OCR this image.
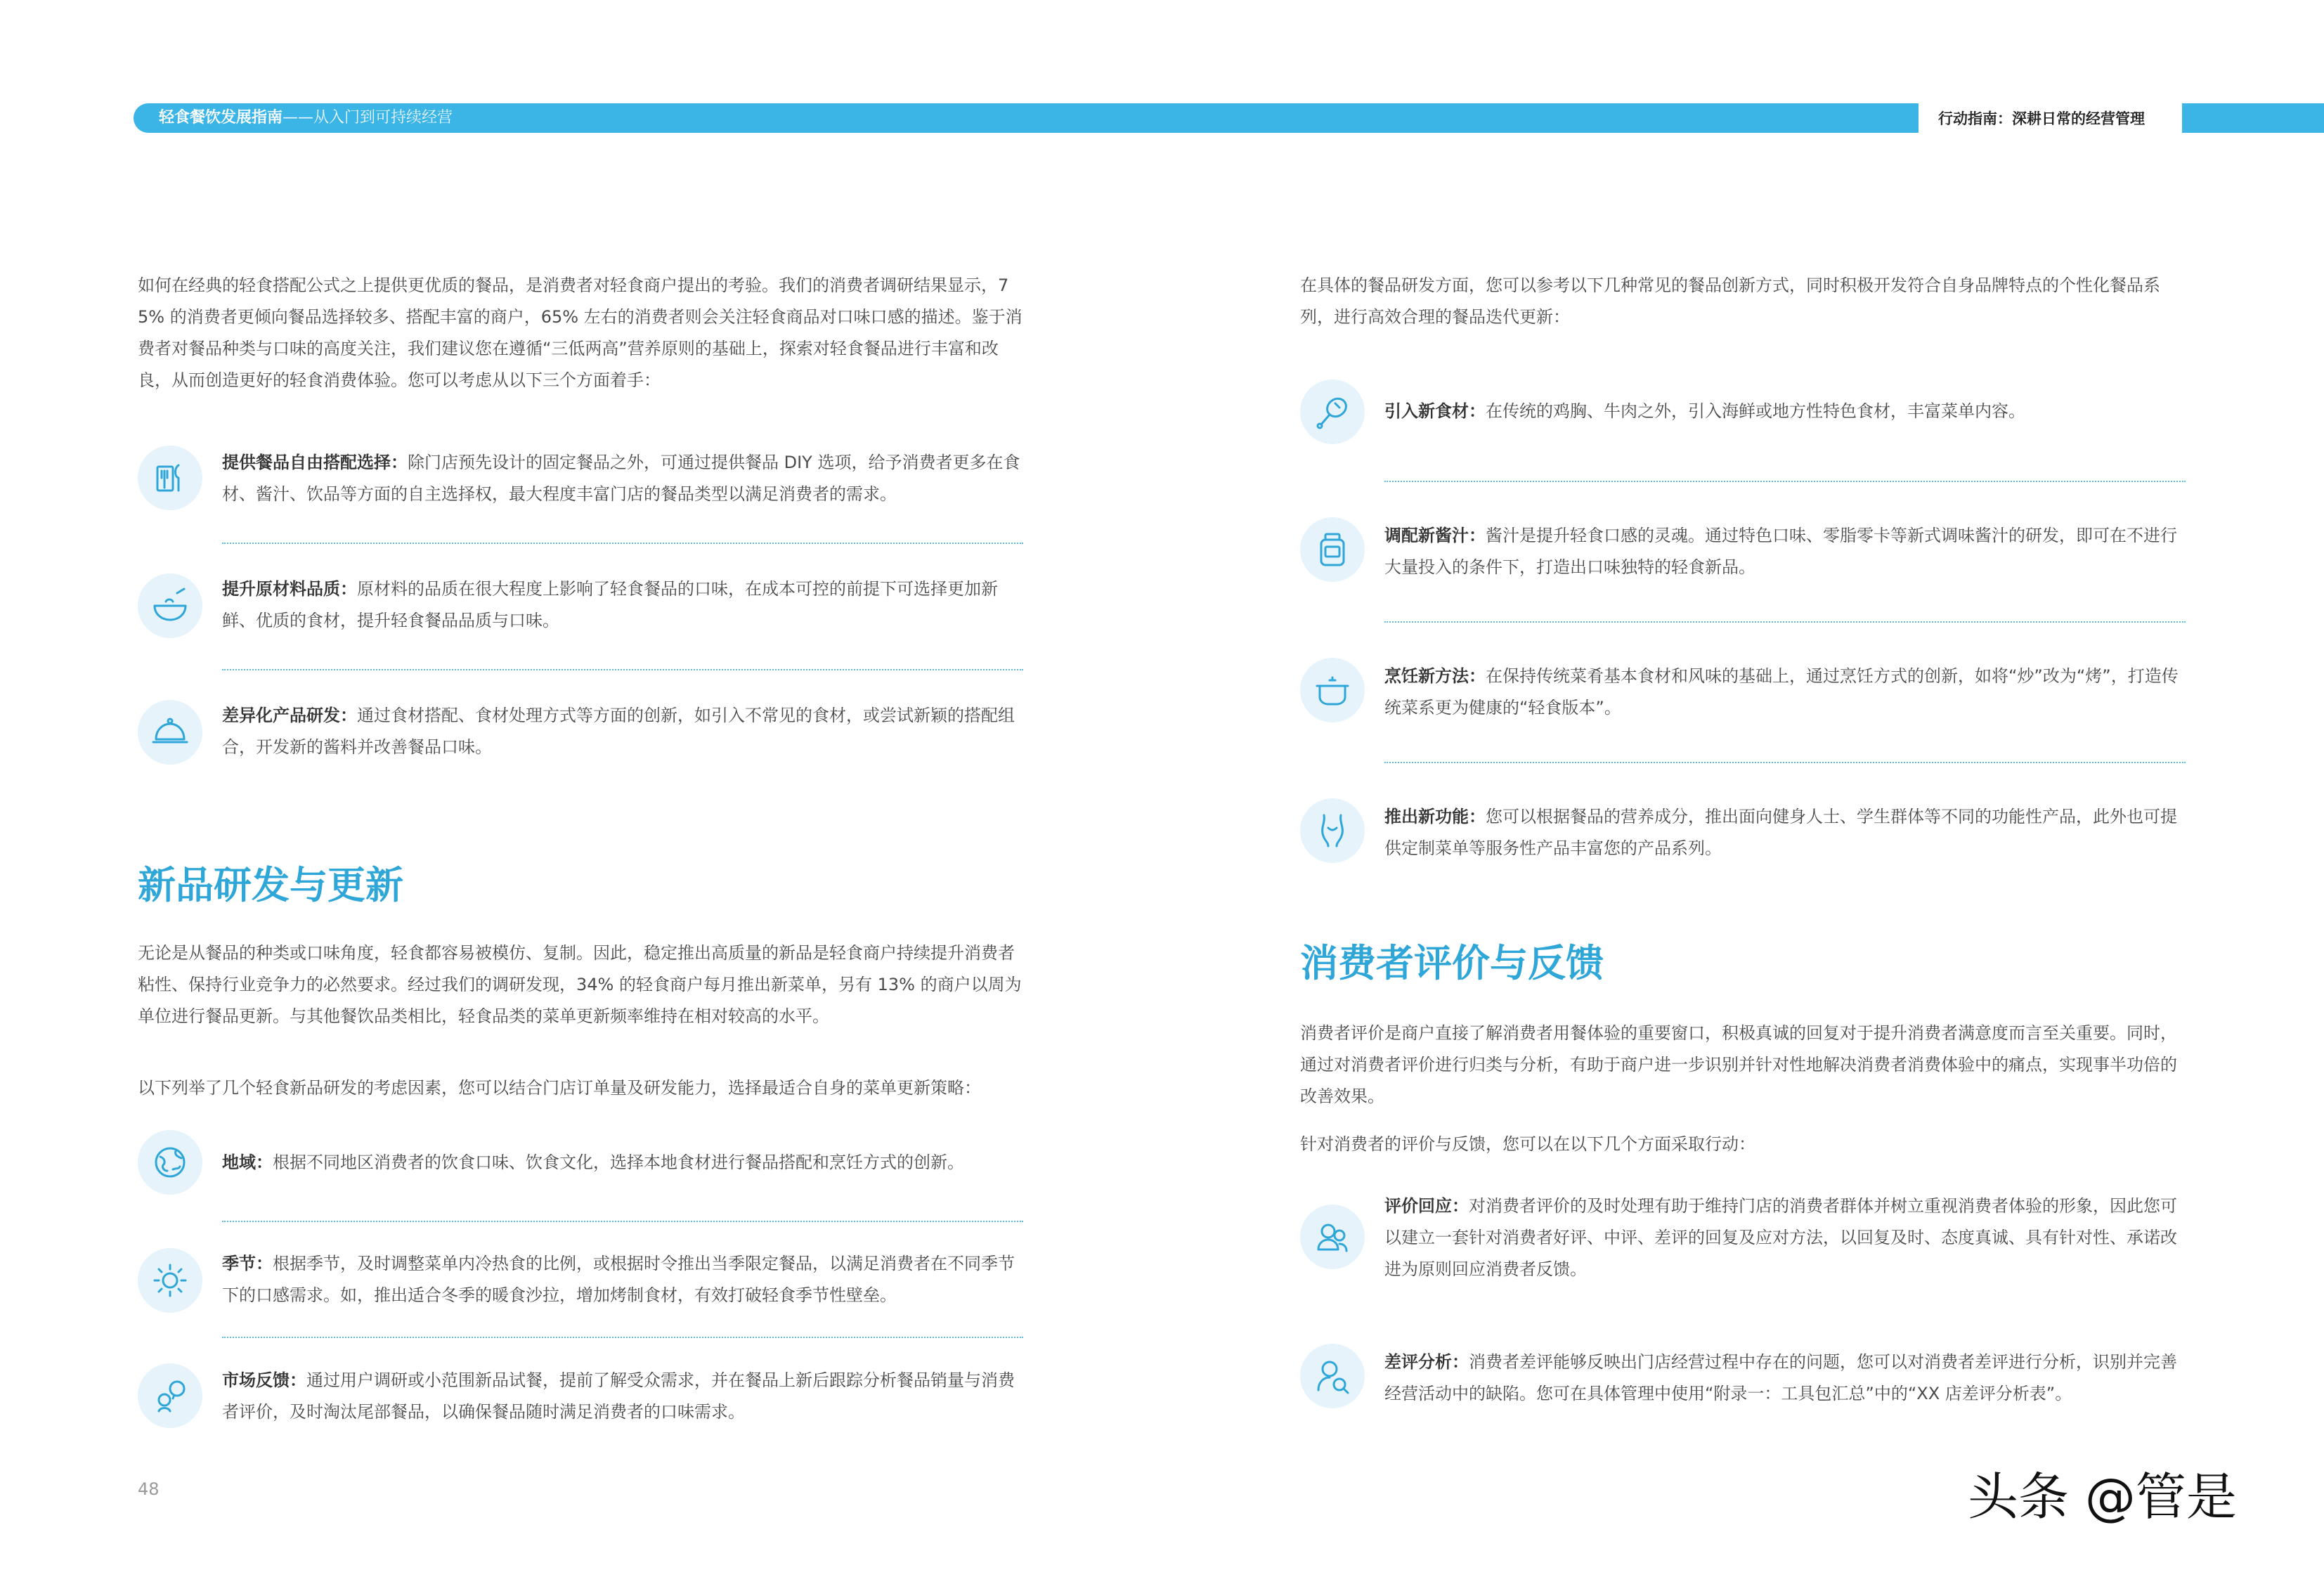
轻食餐饮发展指南——从入门到可持续经营	行动指南：深耕日常的经营管理

如何在经典的轻食搭配公式之上提供更优质的餐品，是消费者对轻食商户提出的考验。我们的消费者调研结果显示，75% 的消费者更倾向餐品选择较多、搭配丰富的商户，65% 左右的消费者则会关注轻食商品对口味口感的描述。鉴于消费者对餐品种类与口味的高度关注，我们建议您在遵循“三低两高”营养原则的基础上，探索对轻食餐品进行丰富和改良，从而创造更好的轻食消费体验。您可以考虑从以下三个方面着手：

提供餐品自由搭配选择：除门店预先设计的固定餐品之外，可通过提供餐品 DIY 选项，给予消费者更多在食材、酱汁、饮品等方面的自主选择权，最大程度丰富门店的餐品类型以满足消费者的需求。
提升原材料品质：原材料的品质在很大程度上影响了轻食餐品的口味，在成本可控的前提下可选择更加新鲜、优质的食材，提升轻食餐品品质与口味。
差异化产品研发：通过食材搭配、食材处理方式等方面的创新，如引入不常见的食材，或尝试新颖的搭配组合，开发新的酱料并改善餐品口味。
新品研发与更新

无论是从餐品的种类或口味角度，轻食都容易被模仿、复制。因此，稳定推出高质量的新品是轻食商户持续提升消费者粘性、保持行业竞争力的必然要求。经过我们的调研发现，34% 的轻食商户每月推出新菜单，另有 13% 的商户以周为单位进行餐品更新。与其他餐饮品类相比，轻食品类的菜单更新频率维持在相对较高的水平。

以下列举了几个轻食新品研发的考虑因素，您可以结合门店订单量及研发能力，选择最适合自身的菜单更新策略：

地域：根据不同地区消费者的饮食口味、饮食文化，选择本地食材进行餐品搭配和烹饪方式的创新。
季节：根据季节，及时调整菜单内冷热食的比例，或根据时令推出当季限定餐品，以满足消费者在不同季节下的口感需求。如，推出适合冬季的暖食沙拉，增加烤制食材，有效打破轻食季节性壁垒。
市场反馈：通过用户调研或小范围新品试餐，提前了解受众需求，并在餐品上新后跟踪分析餐品销量与消费者评价，及时淘汰尾部餐品，以确保餐品随时满足消费者的口味需求。
48

在具体的餐品研发方面，您可以参考以下几种常见的餐品创新方式，同时积极开发符合自身品牌特点的个性化餐品系列，进行高效合理的餐品迭代更新：

引入新食材：在传统的鸡胸、牛肉之外，引入海鲜或地方性特色食材，丰富菜单内容。
调配新酱汁：酱汁是提升轻食口感的灵魂。通过特色口味、零脂零卡等新式调味酱汁的研发，即可在不进行大量投入的条件下，打造出口味独特的轻食新品。
烹饪新方法：在保持传统菜肴基本食材和风味的基础上，通过烹饪方式的创新，如将“炒”改为“烤”，打造传统菜系更为健康的“轻食版本”。
推出新功能：您可以根据餐品的营养成分，推出面向健身人士、学生群体等不同的功能性产品，此外也可提供定制菜单等服务性产品丰富您的产品系列。
消费者评价与反馈

消费者评价是商户直接了解消费者用餐体验的重要窗口，积极真诚的回复对于提升消费者满意度而言至关重要。同时，通过对消费者评价进行归类与分析，有助于商户进一步识别并针对性地解决消费者消费体验中的痛点，实现事半功倍的改善效果。

针对消费者的评价与反馈，您可以在以下几个方面采取行动：

评价回应：对消费者评价的及时处理有助于维持门店的消费者群体并树立重视消费者体验的形象，因此您可以建立一套针对消费者好评、中评、差评的回复及应对方法，以回复及时、态度真诚、具有针对性、承诺改进为原则回应消费者反馈。
差评分析：消费者差评能够反映出门店经营过程中存在的问题，您可以对消费者差评进行分析，识别并完善经营活动中的缺陷。您可在具体管理中使用“附录一：工具包汇总”中的“XX 店差评分析表”。
头条 @管是
